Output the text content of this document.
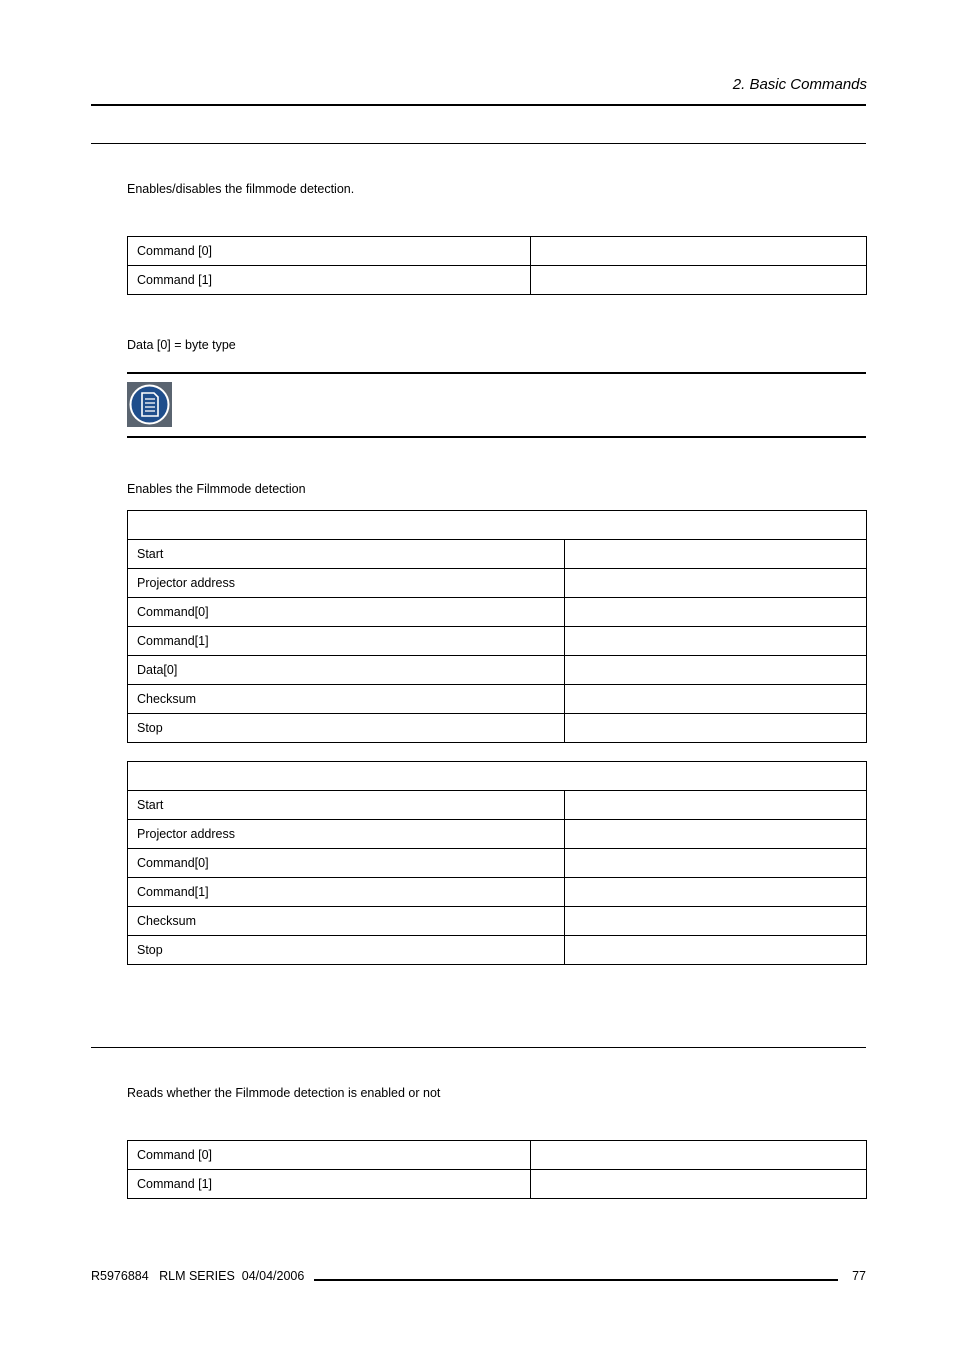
2. Basic Commands
Enables/disables the filmmode detection.
Command [0]	
Command [1]	
Data [0] = byte type
Enables the Filmmode detection

Start	
Projector address	
Command[0]	
Command[1]	
Data[0]	
Checksum	
Stop	

Start	
Projector address	
Command[0]	
Command[1]	
Checksum	
Stop	
Reads whether the Filmmode detection is enabled or not
Command [0]	
Command [1]	
R5976884   RLM SERIES  04/04/2006	77
